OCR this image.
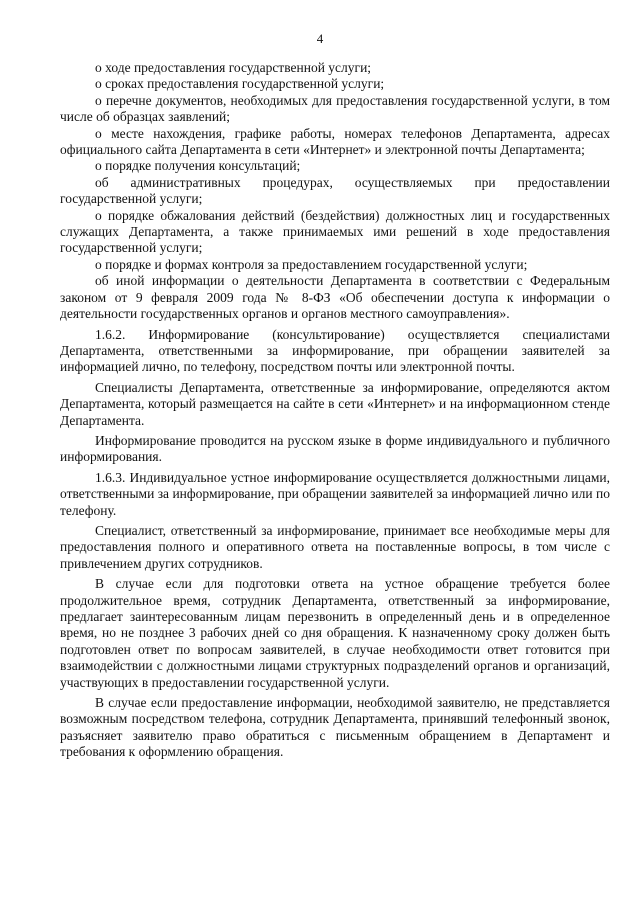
4

о ходе предоставления государственной услуги;

о сроках предоставления государственной услуги;

о перечне документов, необходимых для предоставления государственной услуги, в том числе об образцах заявлений;

о месте нахождения, графике работы, номерах телефонов Департамента, адресах официального сайта Департамента в сети «Интернет» и электронной почты Департамента;

о порядке получения консультаций;

об административных процедурах, осуществляемых при предоставлении государственной услуги;

о порядке обжалования действий (бездействия) должностных лиц и государственных служащих Департамента, а также принимаемых ими решений в ходе предоставления государственной услуги;

о порядке и формах контроля за предоставлением государственной услуги;

об иной информации о деятельности Департамента в соответствии с Федеральным законом от 9 февраля 2009 года № 8-ФЗ «Об обеспечении доступа к информации о деятельности государственных органов и органов местного самоуправления».

1.6.2. Информирование (консультирование) осуществляется специалистами Департамента, ответственными за информирование, при обращении заявителей за информацией лично, по телефону, посредством почты или электронной почты.

Специалисты Департамента, ответственные за информирование, определяются актом Департамента, который размещается на сайте в сети «Интернет» и на информационном стенде Департамента.

Информирование проводится на русском языке в форме индивидуального и публичного информирования.

1.6.3. Индивидуальное устное информирование осуществляется должностными лицами, ответственными за информирование, при обращении заявителей за информацией лично или по телефону.

Специалист, ответственный за информирование, принимает все необходимые меры для предоставления полного и оперативного ответа на поставленные вопросы, в том числе с привлечением других сотрудников.

В случае если для подготовки ответа на устное обращение требуется более продолжительное время, сотрудник Департамента, ответственный за информирование, предлагает заинтересованным лицам перезвонить в определенный день и в определенное время, но не позднее 3 рабочих дней со дня обращения. К назначенному сроку должен быть подготовлен ответ по вопросам заявителей, в случае необходимости ответ готовится при взаимодействии с должностными лицами структурных подразделений органов и организаций, участвующих в предоставлении государственной услуги.

В случае если предоставление информации, необходимой заявителю, не представляется возможным посредством телефона, сотрудник Департамента, принявший телефонный звонок, разъясняет заявителю право обратиться с письменным обращением в Департамент и требования к оформлению обращения.
